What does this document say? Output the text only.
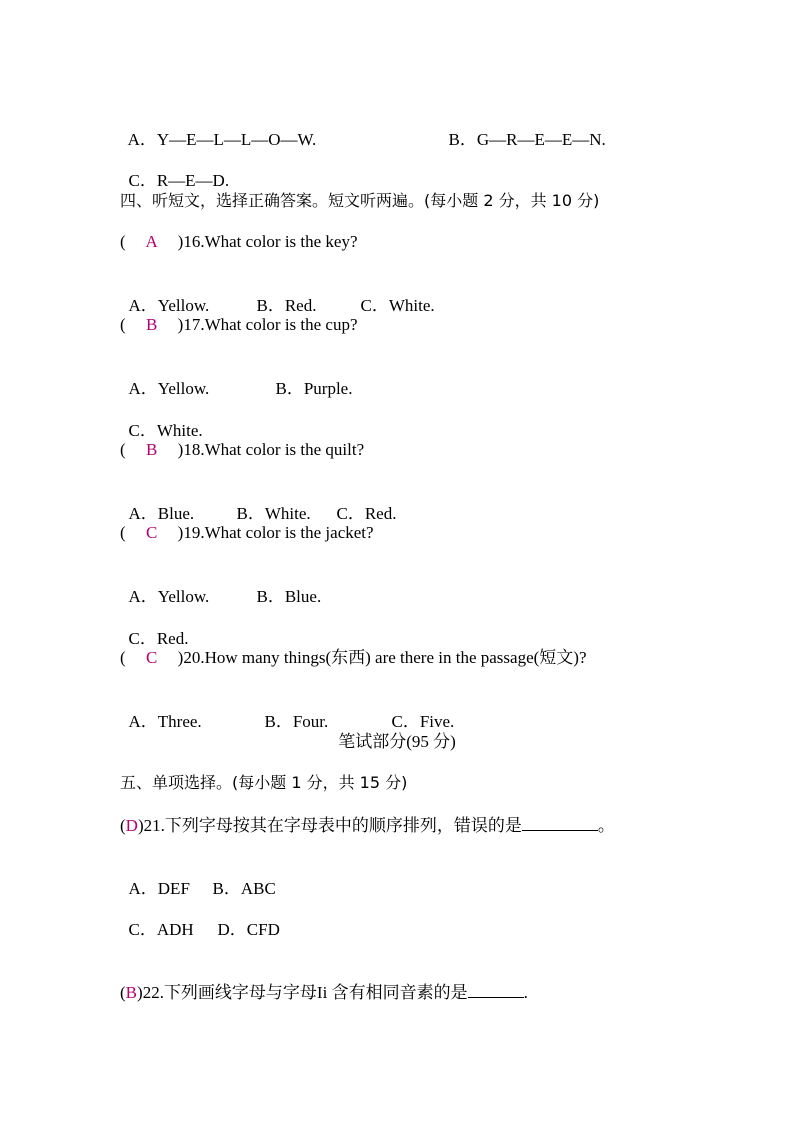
A．Y—E—L—L—O—W.	B．G—R—E—E—N.

C．R—E—D.

四、听短文，选择正确答案。短文听两遍。(每小题 2 分，共 10 分)
( A )16.What color is the key?

A．Yellow.	B．Red.	C．White.

( B )17.What color is the cup?

A．Yellow.	B．Purple.

C．White.

( B )18.What color is the quilt?

A．Blue. B．White. C．Red.

( C )19.What color is the jacket?

A．Yellow.	B．Blue.

C．Red.

( C )20.How many things(东西) are there in the passage(短文)?

A．Three.	B．Four.	C．Five.

笔试部分(95 分)
五、单项选择。(每小题 1 分，共 15 分)
(D)21.下列字母按其在字母表中的顺序排列，错误的是	。

A．DEF B．ABC

C．ADH D．CFD

(B)22.下列画线字母与字母Ii 含有相同音素的是	.
